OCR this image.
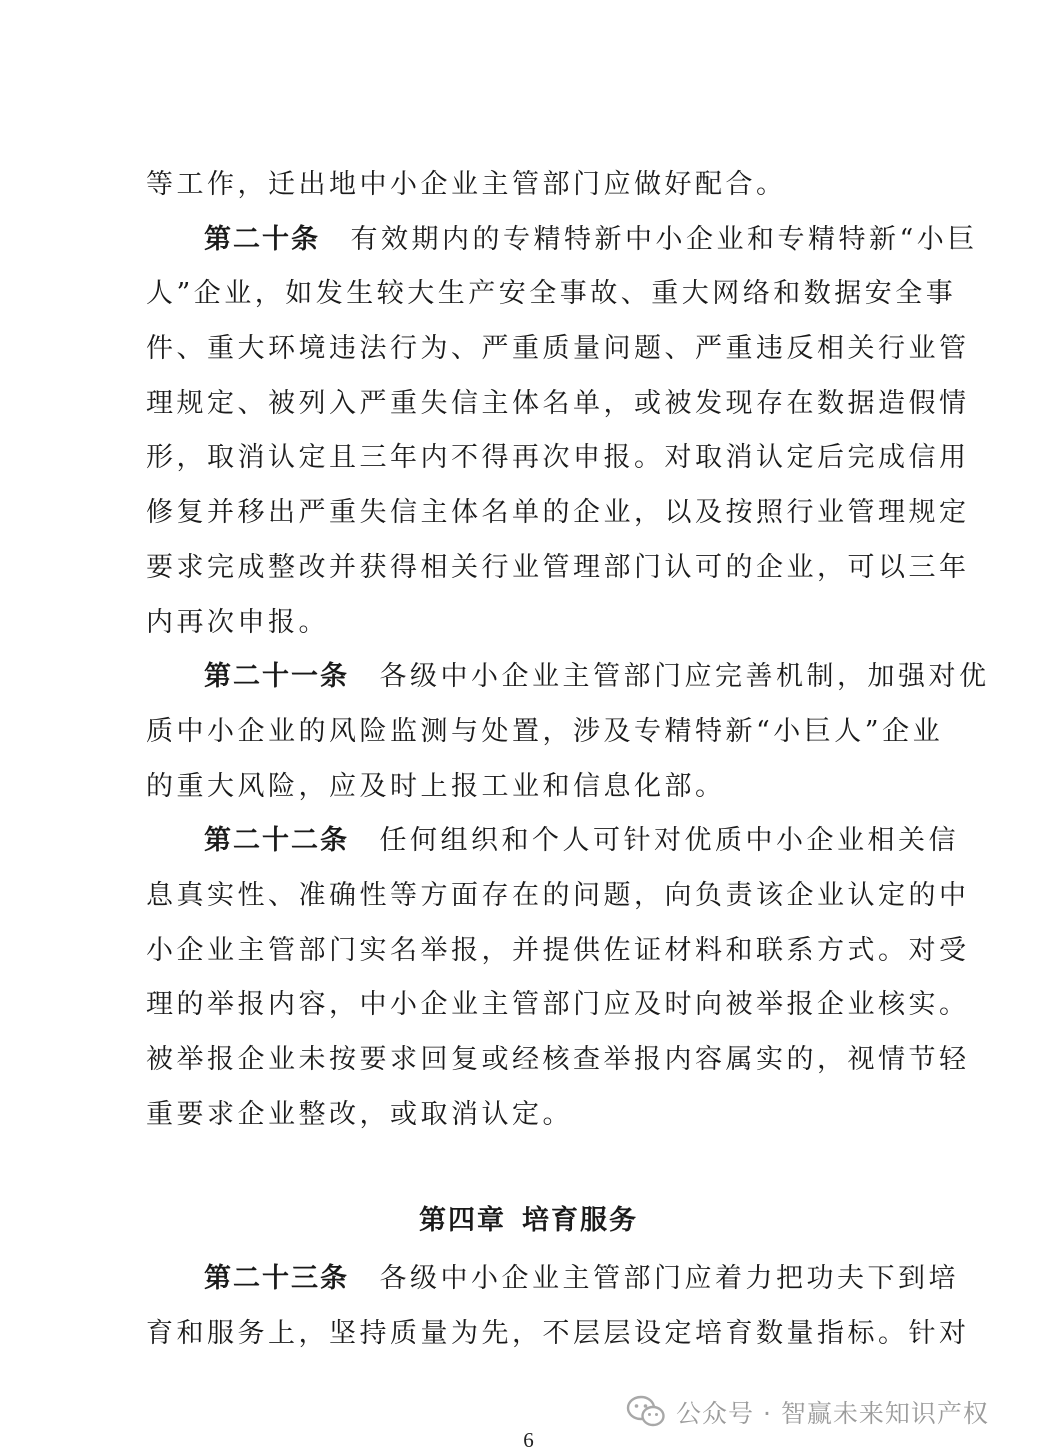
等工作，迁出地中小企业主管部门应做好配合。
第二十条  有效期内的专精特新中小企业和专精特新“小巨
人”企业，如发生较大生产安全事故、重大网络和数据安全事
件、重大环境违法行为、严重质量问题、严重违反相关行业管
理规定、被列入严重失信主体名单，或被发现存在数据造假情
形，取消认定且三年内不得再次申报。对取消认定后完成信用
修复并移出严重失信主体名单的企业，以及按照行业管理规定
要求完成整改并获得相关行业管理部门认可的企业，可以三年
内再次申报。
第二十一条  各级中小企业主管部门应完善机制，加强对优
质中小企业的风险监测与处置，涉及专精特新“小巨人”企业
的重大风险，应及时上报工业和信息化部。
第二十二条  任何组织和个人可针对优质中小企业相关信
息真实性、准确性等方面存在的问题，向负责该企业认定的中
小企业主管部门实名举报，并提供佐证材料和联系方式。对受
理的举报内容，中小企业主管部门应及时向被举报企业核实。
被举报企业未按要求回复或经核查举报内容属实的，视情节轻
重要求企业整改，或取消认定。
第四章 培育服务
第二十三条  各级中小企业主管部门应着力把功夫下到培
育和服务上，坚持质量为先，不层层设定培育数量指标。针对
公众号 · 智赢未来知识产权
6
